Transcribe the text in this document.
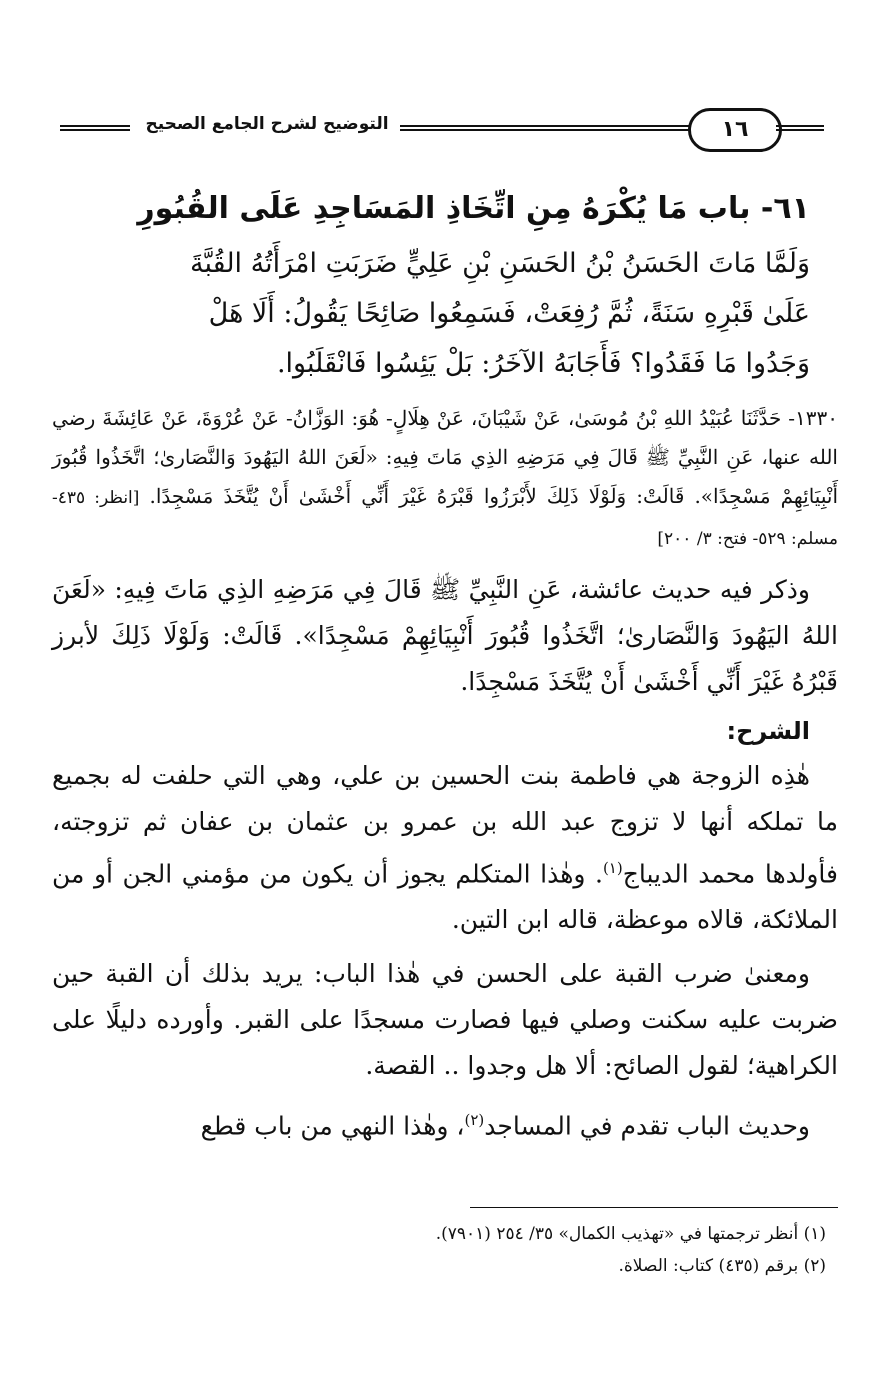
التوضيح لشرح الجامع الصحيح	١٦
٦١- باب مَا يُكْرَهُ مِنِ اتِّخَاذِ المَسَاجِدِ عَلَى القُبُورِ
وَلَمَّا مَاتَ الحَسَنُ بْنُ الحَسَنِ بْنِ عَلِيٍّ ضَرَبَتِ امْرَأَتُهُ القُبَّةَ
عَلَىٰ قَبْرِهِ سَنَةً، ثُمَّ رُفِعَتْ، فَسَمِعُوا صَائِحًا يَقُولُ: أَلَا هَلْ
وَجَدُوا مَا فَقَدُوا؟ فَأَجَابَهُ الآخَرُ: بَلْ يَئِسُوا فَانْقَلَبُوا.
١٣٣٠- حَدَّثَنَا عُبَيْدُ اللهِ بْنُ مُوسَىٰ، عَنْ شَيْبَانَ، عَنْ هِلَالٍ- هُوَ: الوَزَّانُ- عَنْ عُرْوَةَ، عَنْ عَائِشَةَ رضي الله عنها، عَنِ النَّبِيِّ ﷺ قَالَ فِي مَرَضِهِ الذِي مَاتَ فِيهِ: «لَعَنَ اللهُ اليَهُودَ وَالنَّصَارىٰ؛ اتَّخَذُوا قُبُورَ أَنْبِيَائِهِمْ مَسْجِدًا». قَالَتْ: وَلَوْلَا ذَلِكَ لأَبْرَزُوا قَبْرَهُ غَيْرَ أَنِّي أَخْشَىٰ أَنْ يُتَّخَذَ مَسْجِدًا. [انظر: ٤٣٥- مسلم: ٥٢٩- فتح: ٣/ ٢٠٠]
وذكر فيه حديث عائشة، عَنِ النَّبِيِّ ﷺ قَالَ فِي مَرَضِهِ الذِي مَاتَ فِيهِ: «لَعَنَ اللهُ اليَهُودَ وَالنَّصَارىٰ؛ اتَّخَذُوا قُبُورَ أَنْبِيَائِهِمْ مَسْجِدًا». قَالَتْ: وَلَوْلَا ذَلِكَ لأبرز قَبْرُهُ غَيْرَ أَنِّي أَخْشَىٰ أَنْ يُتَّخَذَ مَسْجِدًا.
الشرح:
هٰذِه الزوجة هي فاطمة بنت الحسين بن علي، وهي التي حلفت له بجميع ما تملكه أنها لا تزوج عبد الله بن عمرو بن عثمان بن عفان ثم تزوجته، فأولدها محمد الديباج$^{(١)}$. وهٰذا المتكلم يجوز أن يكون من مؤمني الجن أو من الملائكة، قالاه موعظة، قاله ابن التين.
ومعنىٰ ضرب القبة على الحسن في هٰذا الباب: يريد بذلك أن القبة حين ضربت عليه سكنت وصلي فيها فصارت مسجدًا على القبر. وأورده دليلًا على الكراهية؛ لقول الصائح: ألا هل وجدوا .. القصة.
وحديث الباب تقدم في المساجد$^{(٢)}$، وهٰذا النهي من باب قطع
(١) أنظر ترجمتها في «تهذيب الكمال» ٣٥/ ٢٥٤ (٧٩٠١).
(٢) برقم (٤٣٥) كتاب: الصلاة.
